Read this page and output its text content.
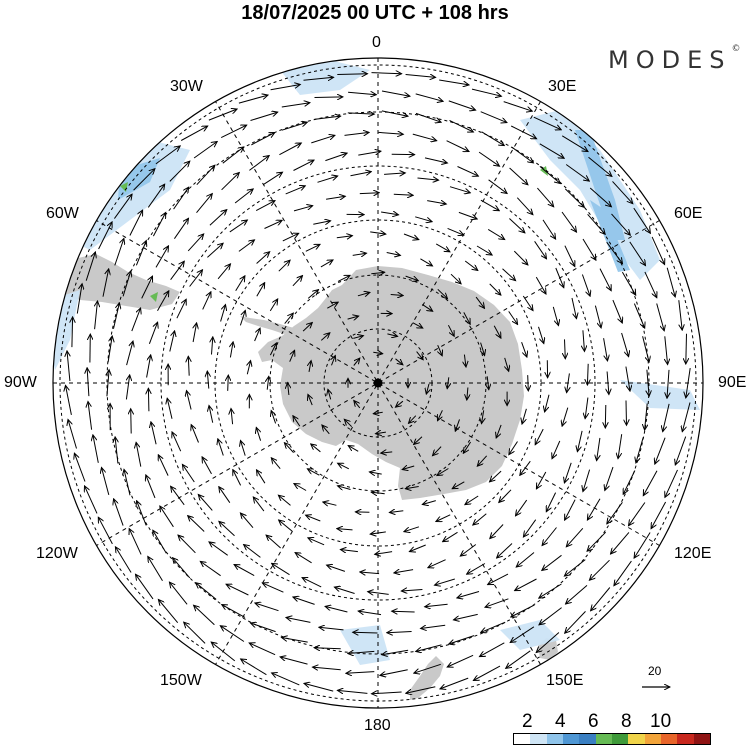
18/07/2025 00 UTC + 108 hrs
MODES©
0
30E
60E
90E
120E
150E
180
150W
120W
90W
60W
30W
20
2 4 6 8 10
